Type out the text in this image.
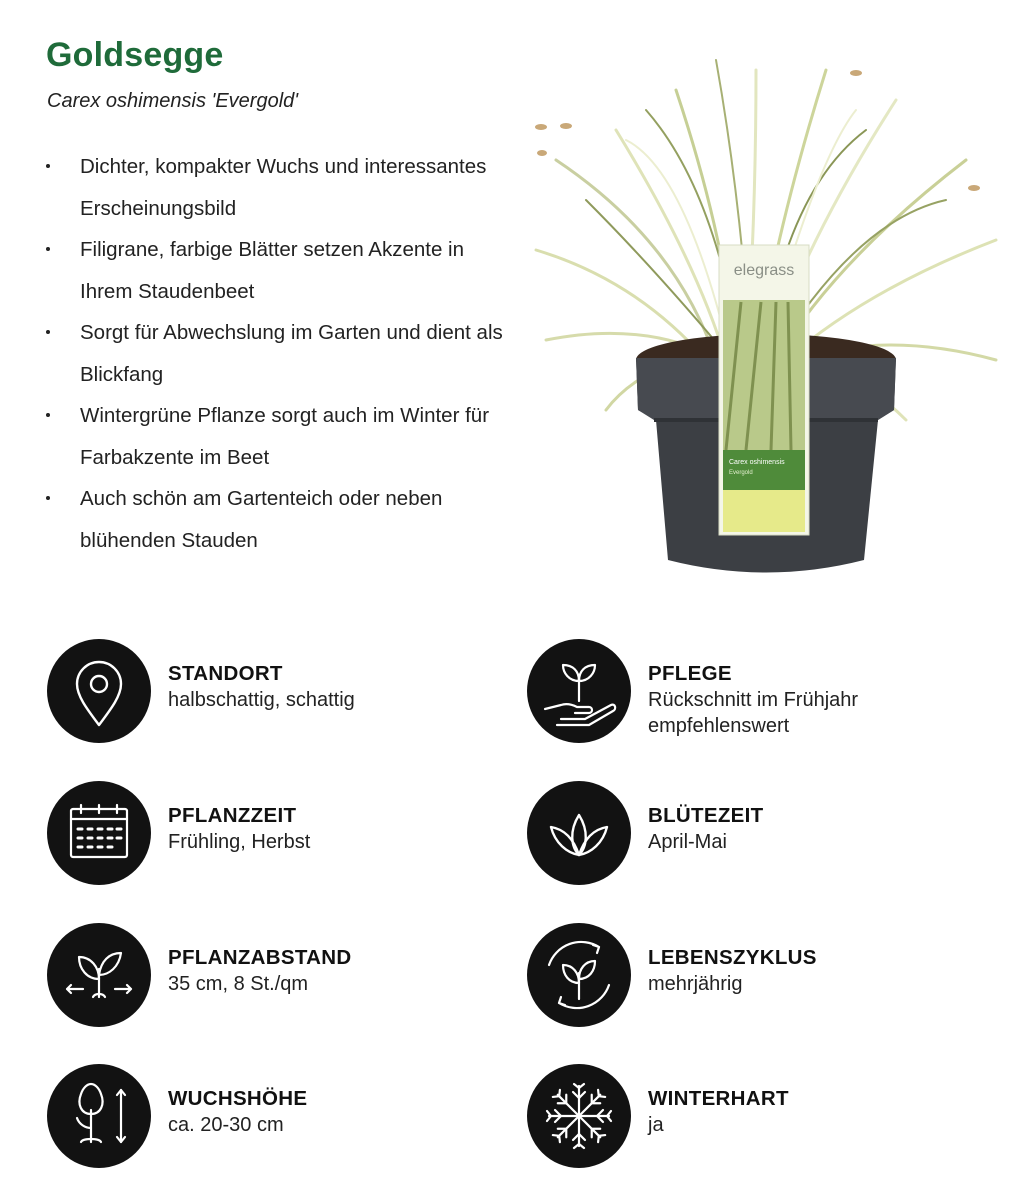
Goldsegge

Carex oshimensis 'Evergold'

Dichter, kompakter Wuchs und interessantes Erscheinungsbild
Filigrane, farbige Blätter setzen Akzente in Ihrem Staudenbeet
Sorgt für Abwechslung im Garten und dient als Blickfang
Wintergrüne Pflanze sorgt auch im Winter für Farbakzente im Beet
Auch schön am Gartenteich oder neben blühenden Stauden
elegrass
Carex oshimensis
Evergold
STANDORT
halbschattig, schattig
PFLEGE
Rückschnitt im Frühjahr empfehlenswert
PFLANZZEIT
Frühling, Herbst
BLÜTEZEIT
April-Mai
PFLANZABSTAND
35 cm, 8 St./qm
LEBENSZYKLUS
mehrjährig
WUCHSHÖHE
ca. 20-30 cm
WINTERHART
ja
